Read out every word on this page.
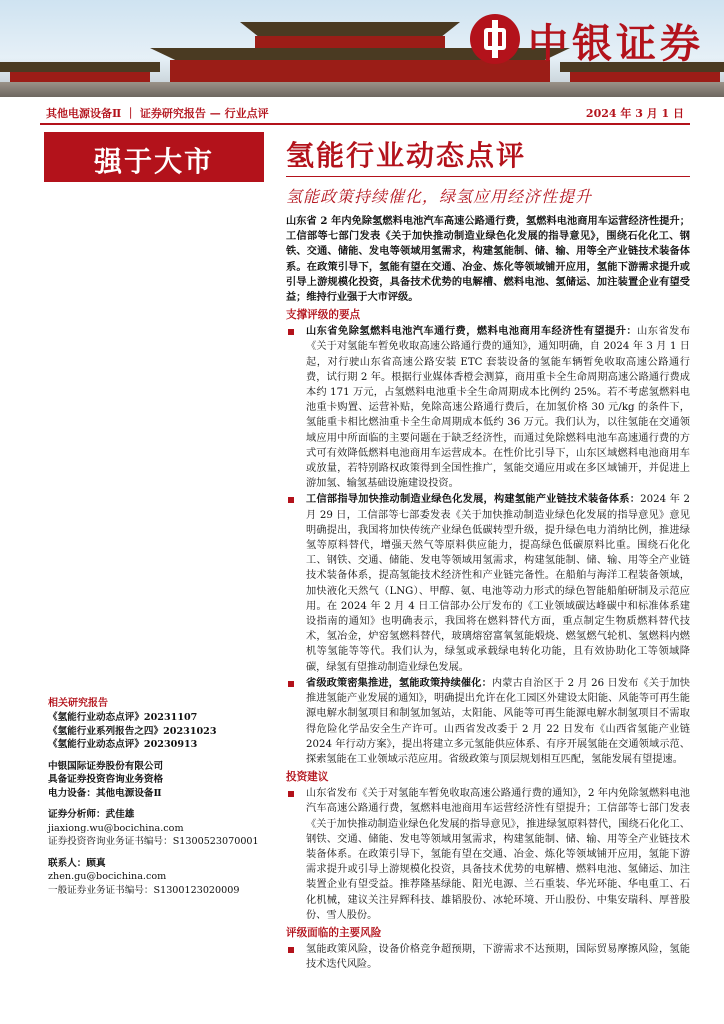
中银证券
其他电源设备Ⅱ ｜ 证券研究报告 — 行业点评	2024 年 3 月 1 日
强于大市	氢能行业动态点评
氢能政策持续催化，绿氢应用经济性提升
山东省 2 年内免除氢燃料电池汽车高速公路通行费，氢燃料电池商用车运营经济性提升；工信部等七部门发表《关于加快推动制造业绿色化发展的指导意见》，围绕石化化工、钢铁、交通、储能、发电等领域用氢需求，构建氢能制、储、输、用等全产业链技术装备体系。在政策引导下，氢能有望在交通、冶金、炼化等领域铺开应用，氢能下游需求提升或引导上游规模化投资，具备技术优势的电解槽、燃料电池、氢储运、加注装置企业有望受益；维持行业强于大市评级。
支撑评级的要点
山东省免除氢燃料电池汽车通行费，燃料电池商用车经济性有望提升：山东省发布《关于对氢能车暂免收取高速公路通行费的通知》，通知明确，自 2024 年 3 月 1 日起，对行驶山东省高速公路安装 ETC 套装设备的氢能车辆暂免收取高速公路通行费，试行期 2 年。根据行业媒体香橙会测算，商用重卡全生命周期高速公路通行费成本约 171 万元，占氢燃料电池重卡全生命周期成本比例约 25%。若不考虑氢燃料电池重卡购置、运营补贴，免除高速公路通行费后，在加氢价格 30 元/kg 的条件下，氢能重卡相比燃油重卡全生命周期成本低约 36 万元。我们认为，以往氢能在交通领域应用中所面临的主要问题在于缺乏经济性，而通过免除燃料电池车高速通行费的方式可有效降低燃料电池商用车运营成本。在性价比引导下，山东区域燃料电池商用车或放量，若特别路权政策得到全国性推广，氢能交通应用或在多区域铺开，并促进上游加氢、输氢基础设施建设投资。
工信部指导加快推动制造业绿色化发展，构建氢能产业链技术装备体系：2024 年 2 月 29 日，工信部等七部委发表《关于加快推动制造业绿色化发展的指导意见》意见明确提出，我国将加快传统产业绿色低碳转型升级，提升绿色电力消纳比例，推进绿氢等原料替代，增强天然气等原料供应能力，提高绿色低碳原料比重。围绕石化化工、钢铁、交通、储能、发电等领域用氢需求，构建氢能制、储、输、用等全产业链技术装备体系，提高氢能技术经济性和产业链完备性。在船舶与海洋工程装备领域，加快液化天然气（LNG）、甲醇、氨、电池等动力形式的绿色智能船舶研制及示范应用。在 2024 年 2 月 4 日工信部办公厅发布的《工业领域碳达峰碳中和标准体系建设指南的通知》也明确表示，我国将在燃料替代方面，重点制定生物质燃料替代技术，氢冶金，炉窑氢燃料替代，玻璃熔窑富氧氢能煅烧、燃氢燃气轮机、氢燃料内燃机等氢能等等代。我们认为，绿氢或承载绿电转化功能，且有效协助化工等领域降碳，绿氢有望推动制造业绿色发展。
省级政策密集推进，氢能政策持续催化：内蒙古自治区于 2 月 26 日发布《关于加快推进氢能产业发展的通知》，明确提出允许在化工园区外建设太阳能、风能等可再生能源电解水制氢项目和制氢加氢站，太阳能、风能等可再生能源电解水制氢项目不需取得危险化学品安全生产许可。山西省发改委于 2 月 22 日发布《山西省氢能产业链 2024 年行动方案》，提出将建立多元氢能供应体系、有序开展氢能在交通领域示范、探索氢能在工业领域示范应用。省级政策与顶层规划相互匹配，氢能发展有望提速。
投资建议
山东省发布《关于对氢能车暂免收取高速公路通行费的通知》，2 年内免除氢燃料电池汽车高速公路通行费，氢燃料电池商用车运营经济性有望提升；工信部等七部门发表《关于加快推动制造业绿色化发展的指导意见》，推进绿氢原料替代，围绕石化化工、钢铁、交通、储能、发电等领域用氢需求，构建氢能制、储、输、用等全产业链技术装备体系。在政策引导下，氢能有望在交通、冶金、炼化等领域铺开应用，氢能下游需求提升或引导上游规模化投资，具备技术优势的电解槽、燃料电池、氢储运、加注装置企业有望受益。推荐隆基绿能、阳光电源、兰石重装、华光环能、华电重工、石化机械，建议关注昇辉科技、雄韬股份、冰轮环境、开山股份、中集安瑞科、厚普股份、雪人股份。
评级面临的主要风险
氢能政策风险，设备价格竞争超预期，下游需求不达预期，国际贸易摩擦风险，氢能技术迭代风险。
相关研究报告
《氢能行业动态点评》20231107
《氢能行业系列报告之四》20231023
《氢能行业动态点评》20230913
中银国际证券股份有限公司
具备证券投资咨询业务资格
电力设备：其他电源设备Ⅱ
证券分析师：武佳雄
jiaxiong.wu@bocichina.com
证券投资咨询业务证书编号：S1300523070001
联系人：顾真
zhen.gu@bocichina.com
一般证券业务证书编号：S1300123020009
